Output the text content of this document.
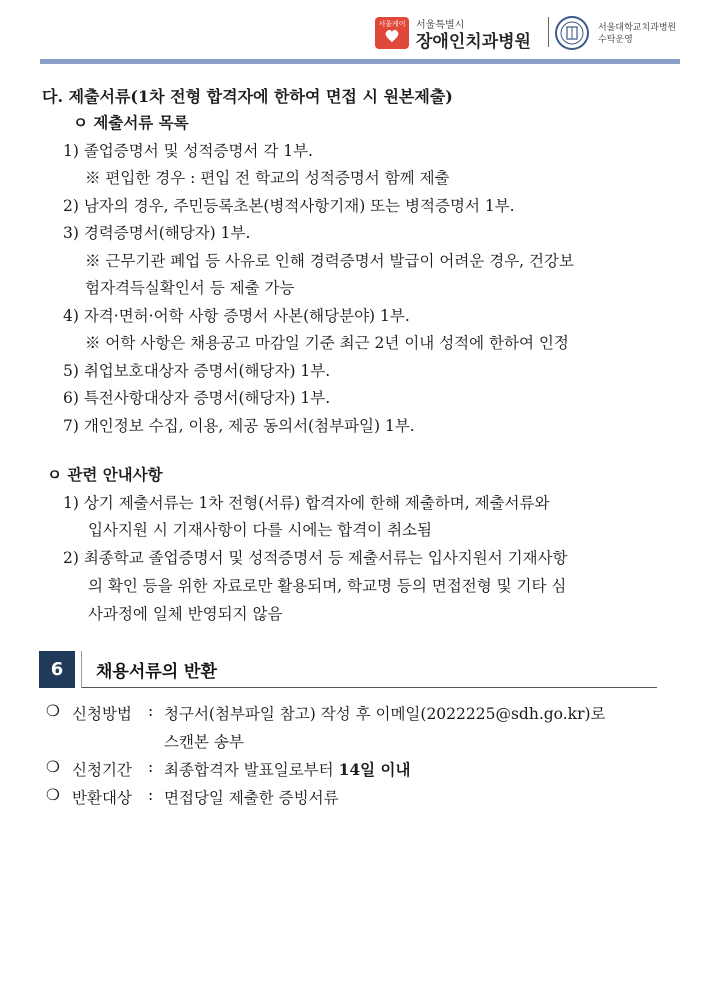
서울케어	서울특별시
장애인치과병원
서울대학교치과병원
수탁운영
다. 제출서류(1차 전형 합격자에 한하여 면접 시 원본제출)
ㅇ 제출서류 목록
1) 졸업증명서 및 성적증명서 각 1부.
※ 편입한 경우 : 편입 전 학교의 성적증명서 함께 제출
2) 남자의 경우, 주민등록초본(병적사항기재) 또는 병적증명서 1부.
3) 경력증명서(해당자) 1부.
※ 근무기관 폐업 등 사유로 인해 경력증명서 발급이 어려운 경우, 건강보
험자격득실확인서 등 제출 가능
4) 자격·면허·어학 사항 증명서 사본(해당분야) 1부.
※ 어학 사항은 채용공고 마감일 기준 최근 2년 이내 성적에 한하여 인정
5) 취업보호대상자 증명서(해당자) 1부.
6) 특전사항대상자 증명서(해당자) 1부.
7) 개인정보 수집, 이용, 제공 동의서(첨부파일) 1부.
ㅇ 관련 안내사항
1) 상기 제출서류는 1차 전형(서류) 합격자에 한해 제출하며, 제출서류와
입사지원 시 기재사항이 다를 시에는 합격이 취소됨
2) 최종학교 졸업증명서 및 성적증명서 등 제출서류는 입사지원서 기재사항
의 확인 등을 위한 자료로만 활용되며, 학교명 등의 면접전형 및 기타 심
사과정에 일체 반영되지 않음
6	채용서류의 반환
❍ 신청방법 : 청구서(첨부파일 참고) 작성 후 이메일(2022225@sdh.go.kr)로
스캔본 송부
❍ 신청기간 : 최종합격자 발표일로부터 14일 이내
❍ 반환대상 : 면접당일 제출한 증빙서류
